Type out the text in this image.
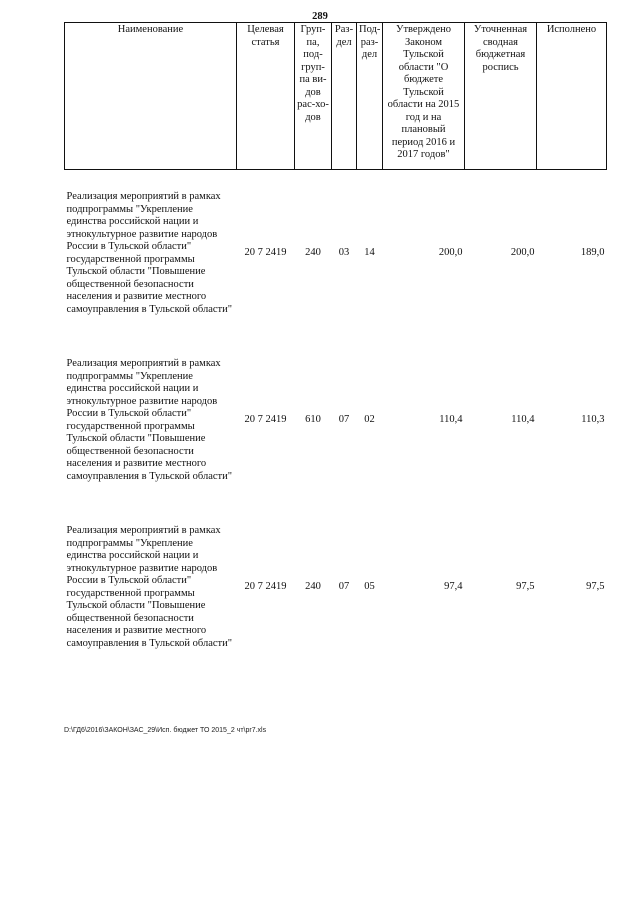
289
Наименование	Целевая статья	Груп-па, под-груп-па ви-дов рас-хо-дов	Раз-дел	Под-раз-дел	Утверждено Законом Тульской области "О бюджете Тульской области на 2015 год и на плановый период 2016 и 2017 годов"	Уточненная сводная бюджетная роспись	Исполнено
Реализация мероприятий в рамках подпрограммы "Укрепление единства российской нации и этнокультурное развитие народов России в Тульской области" государственной программы Тульской области "Повышение общественной безопасности населения и развитие местного самоуправления в Тульской области"	20 7 2419	240	03	14	200,0	200,0	189,0
Реализация мероприятий в рамках подпрограммы "Укрепление единства российской нации и этнокультурное развитие народов России в Тульской области" государственной программы Тульской области "Повышение общественной безопасности населения и развитие местного самоуправления в Тульской области"	20 7 2419	610	07	02	110,4	110,4	110,3
Реализация мероприятий в рамках подпрограммы "Укрепление единства российской нации и этнокультурное развитие народов России в Тульской области" государственной программы Тульской области "Повышение общественной безопасности населения и развитие местного самоуправления в Тульской области"	20 7 2419	240	07	05	97,4	97,5	97,5
D:\ГД6\2016\ЗАКОН\ЗАС_29\Исп. бюджет ТО 2015_2 чт\pr7.xls
